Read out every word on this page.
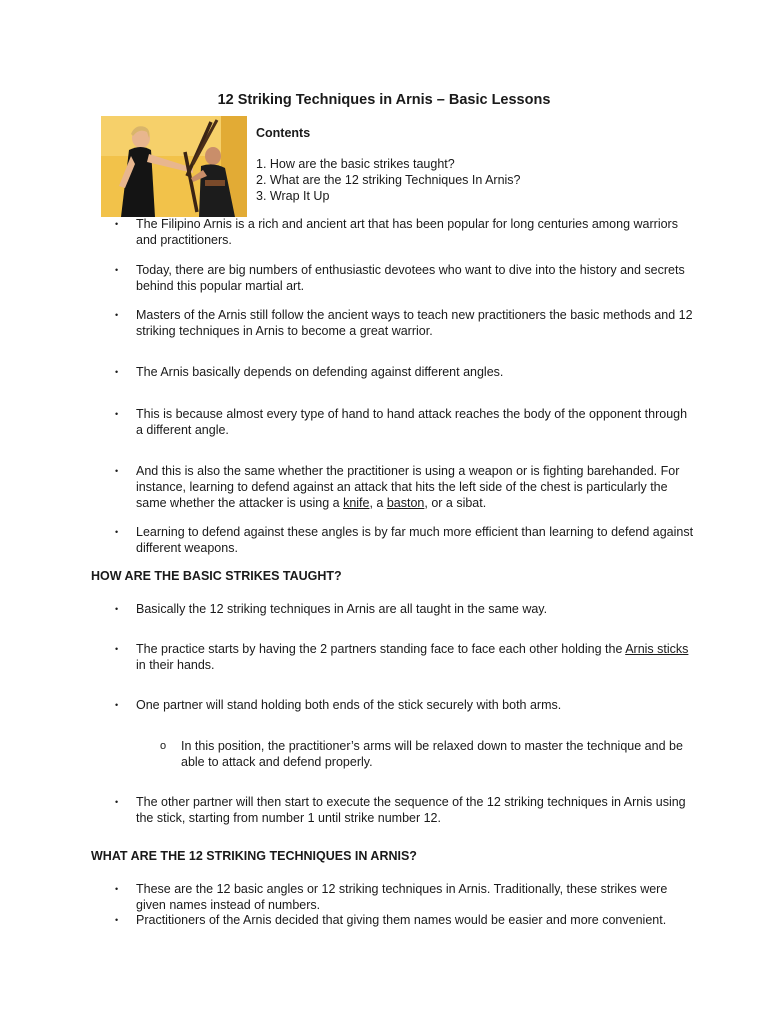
12 Striking Techniques in Arnis – Basic Lessons
Contents
1. How are the basic strikes taught?
2. What are the 12 striking Techniques In Arnis?
3. Wrap It Up
• The Filipino Arnis is a rich and ancient art that has been popular for long centuries among warriors and practitioners.
• Today, there are big numbers of enthusiastic devotees who want to dive into the history and secrets behind this popular martial art.
• Masters of the Arnis still follow the ancient ways to teach new practitioners the basic methods and 12 striking techniques in Arnis to become a great warrior.
• The Arnis basically depends on defending against different angles.
• This is because almost every type of hand to hand attack reaches the body of the opponent through a different angle.
• And this is also the same whether the practitioner is using a weapon or is fighting barehanded. For instance, learning to defend against an attack that hits the left side of the chest is particularly the same whether the attacker is using a knife, a baston, or a sibat.
• Learning to defend against these angles is by far much more efficient than learning to defend against different weapons.
HOW ARE THE BASIC STRIKES TAUGHT?
• Basically the 12 striking techniques in Arnis are all taught in the same way.
• The practice starts by having the 2 partners standing face to face each other holding the Arnis sticks in their hands.
• One partner will stand holding both ends of the stick securely with both arms.
o In this position, the practitioner’s arms will be relaxed down to master the technique and be able to attack and defend properly.
• The other partner will then start to execute the sequence of the 12 striking techniques in Arnis using the stick, starting from number 1 until strike number 12.
WHAT ARE THE 12 STRIKING TECHNIQUES IN ARNIS?
• These are the 12 basic angles or 12 striking techniques in Arnis. Traditionally, these strikes were given names instead of numbers.
• Practitioners of the Arnis decided that giving them names would be easier and more convenient.
